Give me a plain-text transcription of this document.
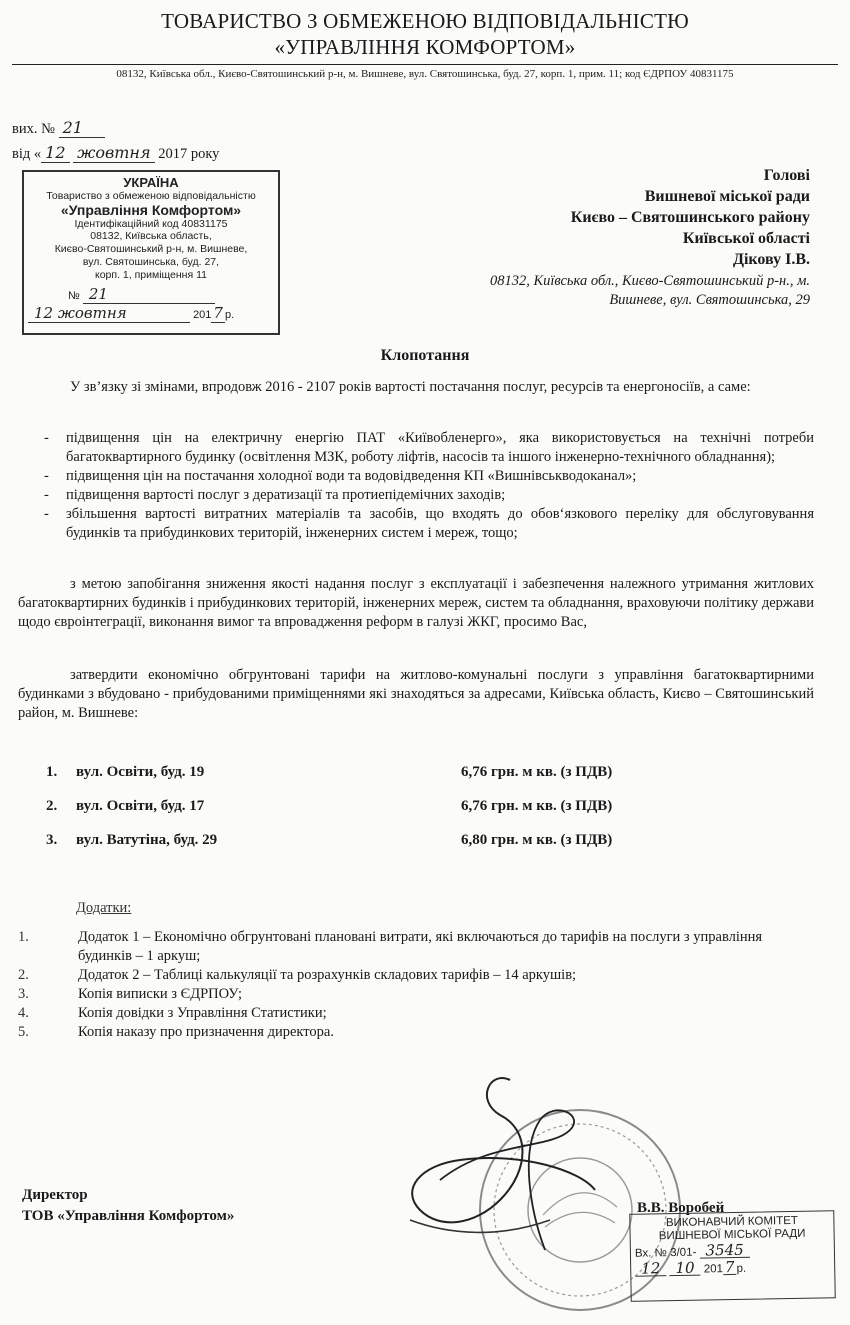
ТОВАРИСТВО З ОБМЕЖЕНОЮ ВІДПОВІДАЛЬНІСТЮ
«УПРАВЛІННЯ КОМФОРТОМ»
08132, Київська обл., Києво-Святошинський р-н, м. Вишневе, вул. Святошинська, буд. 27, корп. 1, прим. 11; код ЄДРПОУ 40831175
вих. № 21
від « 12 жовтня 2017 року
УКРАЇНА
Товариство з обмеженою відповідальністю
«Управління Комфортом»
Ідентифікаційний код 40831175
08132, Київська область,
Києво-Святошинський р-н, м. Вишневе,
вул. Святошинська, буд. 27,
корп. 1, приміщення 11
№ 21
12 жовтня	201 7 р.
Голові
Вишневої міської ради
Києво – Святошинського району
Київської області
Дікову І.В.
08132, Київська обл., Києво-Святошинський р-н., м.
Вишневе, вул. Святошинська, 29
Клопотання
У зв’язку зі змінами, впродовж 2016 - 2107 років вартості постачання послуг, ресурсів та енергоносіїв, а саме:
-	підвищення цін на електричну енергію ПАТ «Київобленерго», яка використовується на технічні потреби багатоквартирного будинку (освітлення МЗК, роботу ліфтів, насосів та іншого інженерно-технічного обладнання);
-	підвищення цін на постачання холодної води та водовідведення КП «Вишнівськводоканал»;
-	підвищення вартості послуг з дератизації та протиепідемічних заходів;
-	збільшення вартості витратних матеріалів та засобів, що входять до обов‘язкового переліку для обслуговування будинків та прибудинкових територій, інженерних систем і мереж, тощо;
з метою запобігання зниження якості надання послуг з експлуатації і забезпечення належного утримання житлових багатоквартирних будинків і прибудинкових територій, інженерних мереж, систем та обладнання, враховуючи політику держави щодо євроінтеграції, виконання вимог та впровадження реформ в галузі ЖКГ, просимо Вас,
затвердити економічно обгрунтовані тарифи на житлово-комунальні послуги з управління багатоквартирними будинками з вбудовано - прибудованими приміщеннями які знаходяться за адресами, Київська область, Києво – Святошинський район, м. Вишневе:
1. вул. Освіти, буд. 19	6,76 грн. м кв. (з ПДВ)
2. вул. Освіти, буд. 17	6,76 грн. м кв. (з ПДВ)
3. вул. Ватутіна, буд. 29	6,80 грн. м кв. (з ПДВ)
Додатки:
1.	Додаток 1 – Економічно обгрунтовані плановані витрати, які включаються до тарифів на послуги з управління будинків – 1 аркуш;
2.	Додаток 2 – Таблиці калькуляції та розрахунків складових тарифів – 14 аркушів;
3.	Копія виписки з ЄДРПОУ;
4.	Копія довідки з Управління Статистики;
5.	Копія наказу про призначення директора.
Директор
ТОВ «Управління Комфортом»	В.В. Воробей
ВИКОНАВЧИЙ КОМІТЕТ
ВИШНЕВОЇ МІСЬКОЇ РАДИ
Вх. № 3/01- 3545
12 10 201 7 р.
